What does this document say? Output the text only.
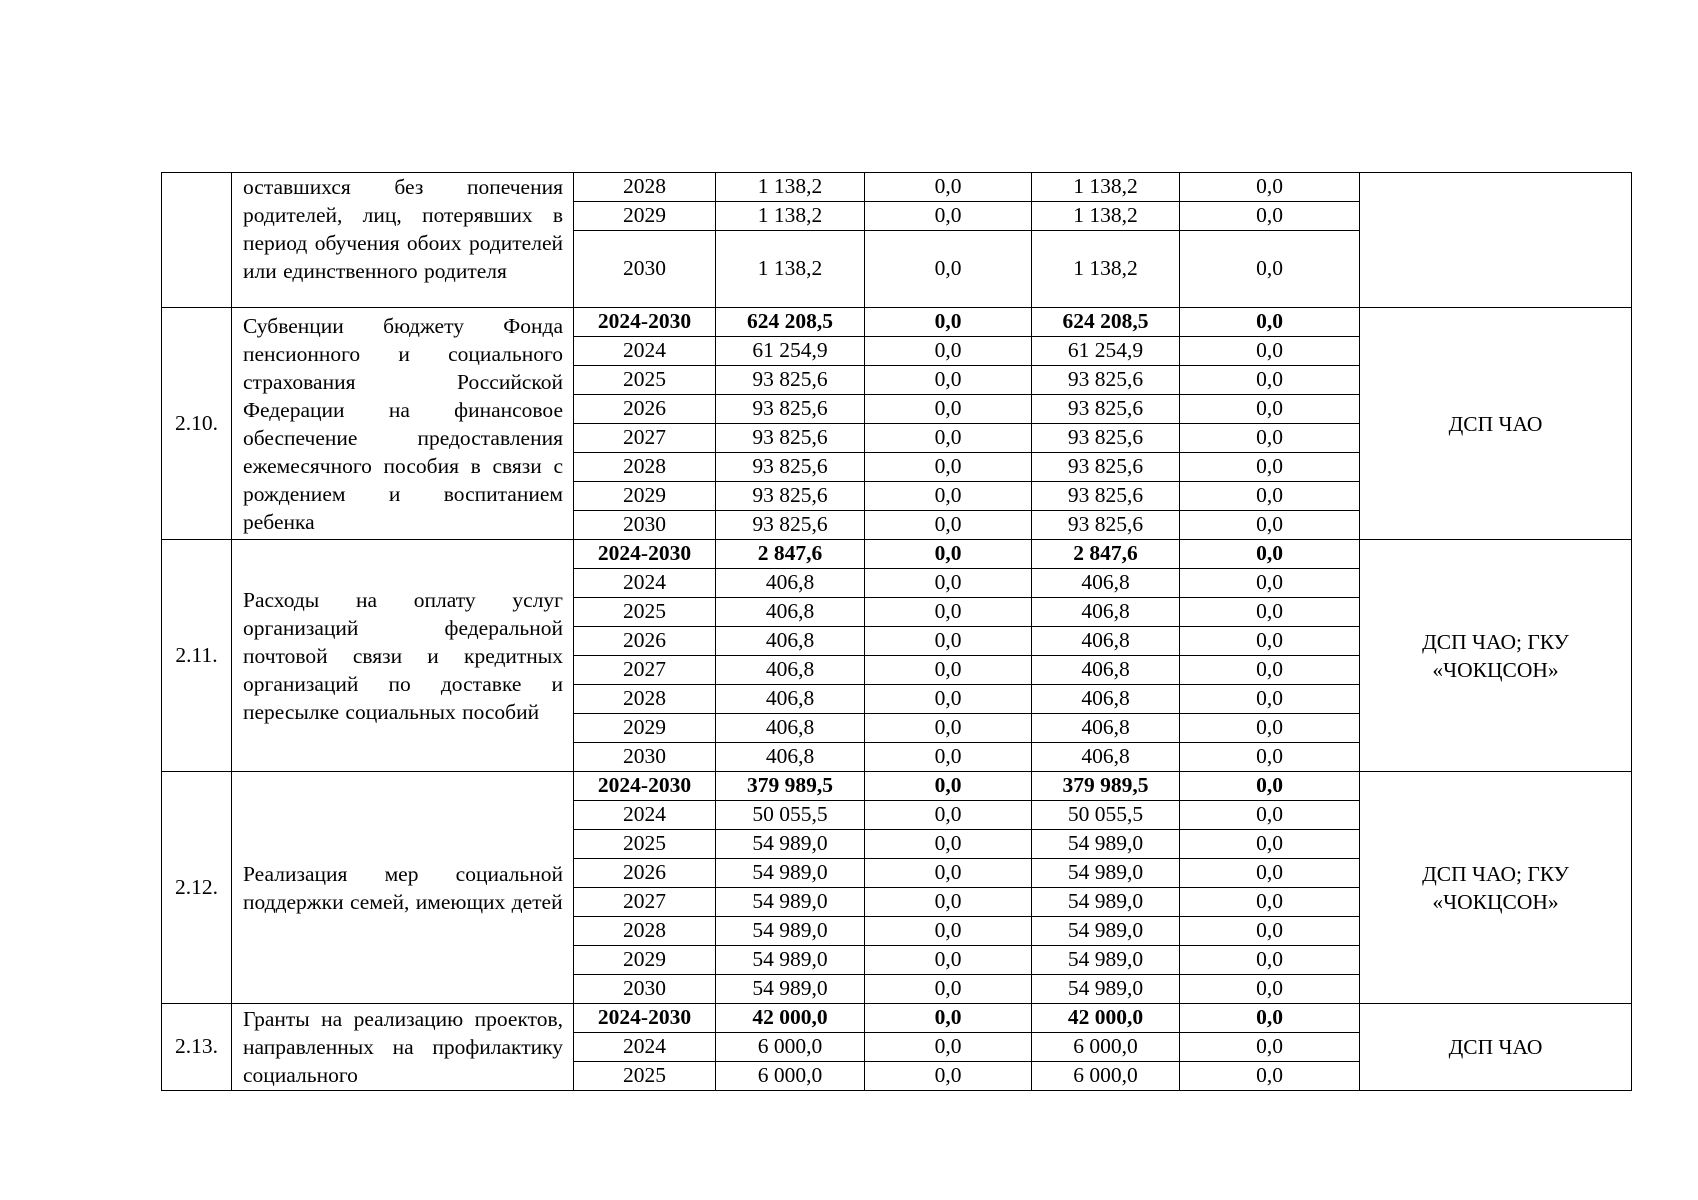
	оставшихся без попечения родителей, лиц, потерявших в период обучения обоих родителей или единственного родителя	2028	1 138,2	0,0	1 138,2	0,0	
		2029	1 138,2	0,0	1 138,2	0,0	
		2030	1 138,2	0,0	1 138,2	0,0	
2.10.	Субвенции бюджету Фонда пенсионного и социального страхования Российской Федерации на финансовое обеспечение предоставления ежемесячного пособия в связи с рождением и воспитанием ребенка	2024-2030	624 208,5	0,0	624 208,5	0,0	ДСП ЧАО
		2024	61 254,9	0,0	61 254,9	0,0	
		2025	93 825,6	0,0	93 825,6	0,0	
		2026	93 825,6	0,0	93 825,6	0,0	
		2027	93 825,6	0,0	93 825,6	0,0	
		2028	93 825,6	0,0	93 825,6	0,0	
		2029	93 825,6	0,0	93 825,6	0,0	
		2030	93 825,6	0,0	93 825,6	0,0	
2.11.	Расходы на оплату услуг организаций федеральной почтовой связи и кредитных организаций по доставке и пересылке социальных пособий	2024-2030	2 847,6	0,0	2 847,6	0,0	ДСП ЧАО; ГКУ «ЧОКЦСОН»
		2024	406,8	0,0	406,8	0,0	
		2025	406,8	0,0	406,8	0,0	
		2026	406,8	0,0	406,8	0,0	
		2027	406,8	0,0	406,8	0,0	
		2028	406,8	0,0	406,8	0,0	
		2029	406,8	0,0	406,8	0,0	
		2030	406,8	0,0	406,8	0,0	
2.12.	Реализация мер социальной поддержки семей, имеющих детей	2024-2030	379 989,5	0,0	379 989,5	0,0	ДСП ЧАО; ГКУ «ЧОКЦСОН»
		2024	50 055,5	0,0	50 055,5	0,0	
		2025	54 989,0	0,0	54 989,0	0,0	
		2026	54 989,0	0,0	54 989,0	0,0	
		2027	54 989,0	0,0	54 989,0	0,0	
		2028	54 989,0	0,0	54 989,0	0,0	
		2029	54 989,0	0,0	54 989,0	0,0	
		2030	54 989,0	0,0	54 989,0	0,0	
2.13.	Гранты на реализацию проектов, направленных на профилактику социального	2024-2030	42 000,0	0,0	42 000,0	0,0	ДСП ЧАО
		2024	6 000,0	0,0	6 000,0	0,0	
		2025	6 000,0	0,0	6 000,0	0,0	
